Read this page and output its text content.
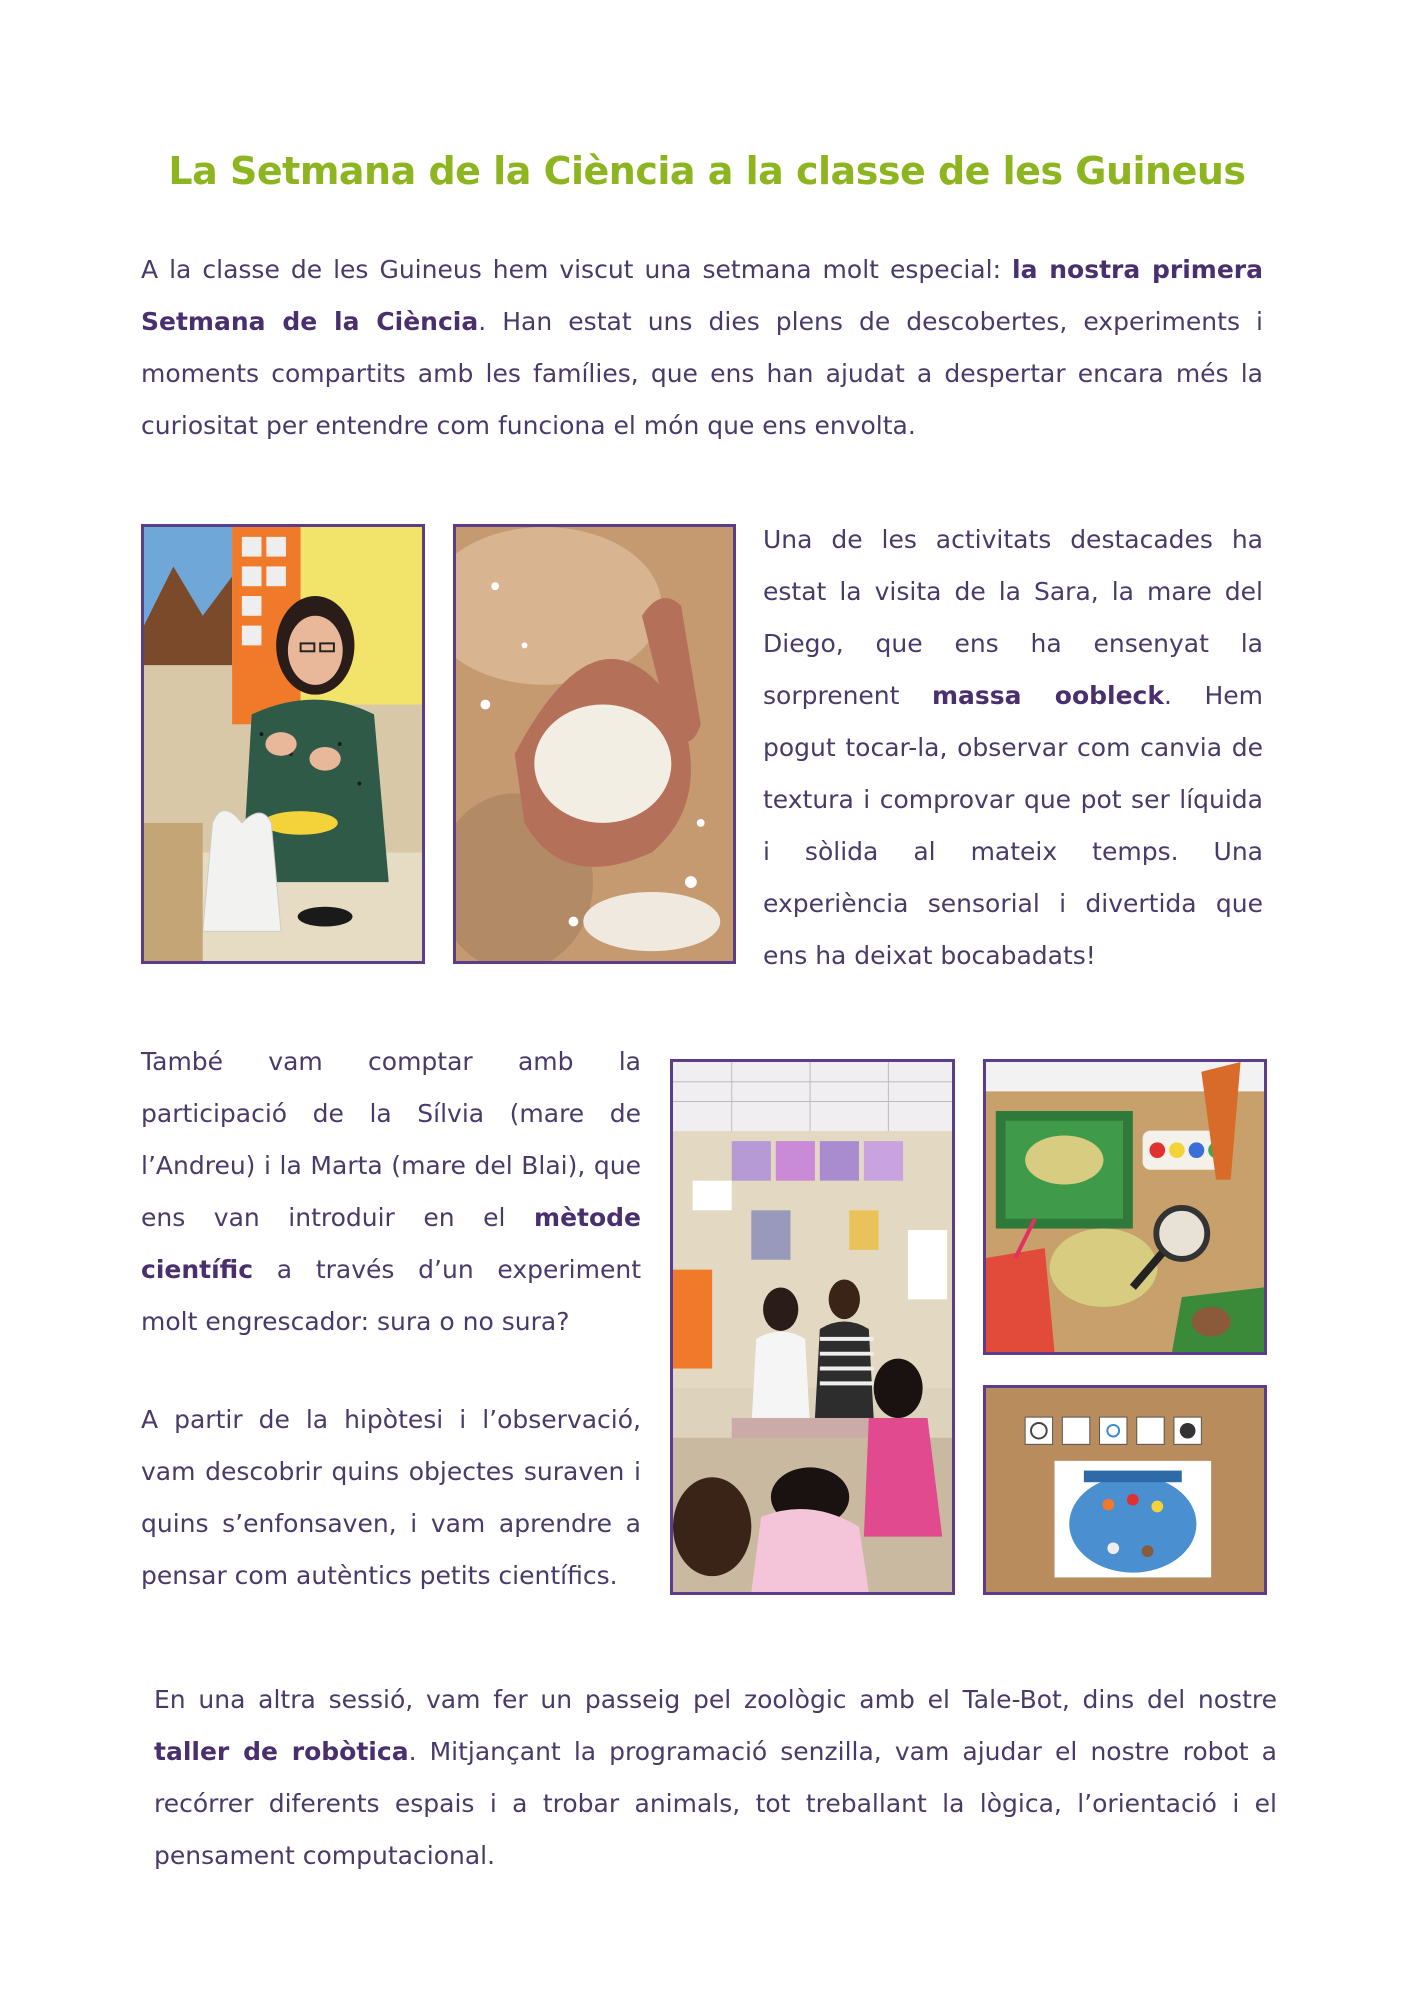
La Setmana de la Ciència a la classe de les Guineus

A la classe de les Guineus hem viscut una setmana molt especial: la nostra primera Setmana de la Ciència. Han estat uns dies plens de descobertes, experiments i moments compartits amb les famílies, que ens han ajudat a despertar encara més la curiositat per entendre com funciona el món que ens envolta.

Una de les activitats destacades ha estat la visita de la Sara, la mare del Diego, que ens ha ensenyat la sorprenent massa oobleck. Hem pogut tocar-la, observar com canvia de textura i comprovar que pot ser líquida i sòlida al mateix temps. Una experiència sensorial i divertida que ens ha deixat bocabadats!

També vam comptar amb la participació de la Sílvia (mare de l’Andreu) i la Marta (mare del Blai), que ens van introduir en el mètode científic a través d’un experiment molt engrescador: sura o no sura?

A partir de la hipòtesi i l’observació, vam descobrir quins objectes suraven i quins s’enfonsaven, i vam aprendre a pensar com autèntics petits científics.

En una altra sessió, vam fer un passeig pel zoològic amb el Tale-Bot, dins del nostre taller de robòtica. Mitjançant la programació senzilla, vam ajudar el nostre robot a recórrer diferents espais i a trobar animals, tot treballant la lògica, l’orientació i el pensament computacional.
